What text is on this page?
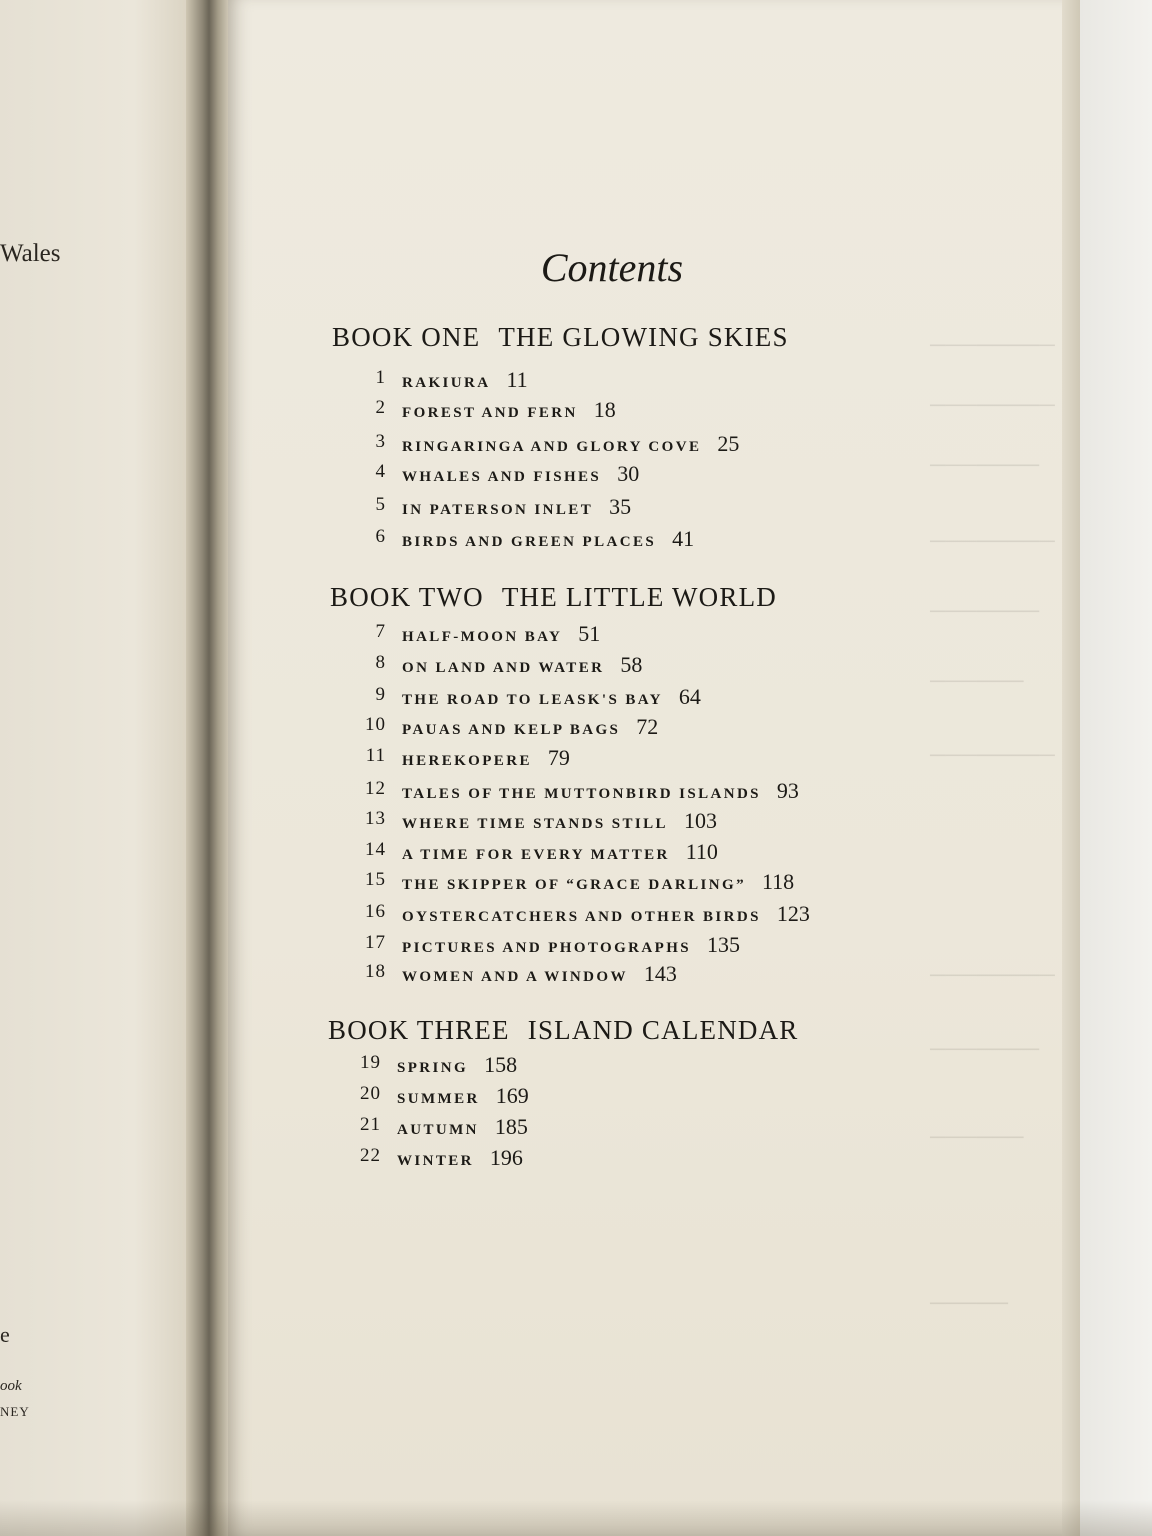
Wales
e
ook
NEY
────────
────────
───────
────────
───────
──────
────────
────────
───────
──────
─────
Contents
BOOK ONE THE GLOWING SKIES
1 RAKIURA 11
2 FOREST AND FERN 18
3 RINGARINGA AND GLORY COVE 25
4 WHALES AND FISHES 30
5 IN PATERSON INLET 35
6 BIRDS AND GREEN PLACES 41
BOOK TWO THE LITTLE WORLD
7 HALF-MOON BAY 51
8 ON LAND AND WATER 58
9 THE ROAD TO LEASK'S BAY 64
10 PAUAS AND KELP BAGS 72
11 HEREKOPERE 79
12 TALES OF THE MUTTONBIRD ISLANDS 93
13 WHERE TIME STANDS STILL 103
14 A TIME FOR EVERY MATTER 110
15 THE SKIPPER OF “GRACE DARLING” 118
16 OYSTERCATCHERS AND OTHER BIRDS 123
17 PICTURES AND PHOTOGRAPHS 135
18 WOMEN AND A WINDOW 143
BOOK THREE ISLAND CALENDAR
19 SPRING 158
20 SUMMER 169
21 AUTUMN 185
22 WINTER 196
